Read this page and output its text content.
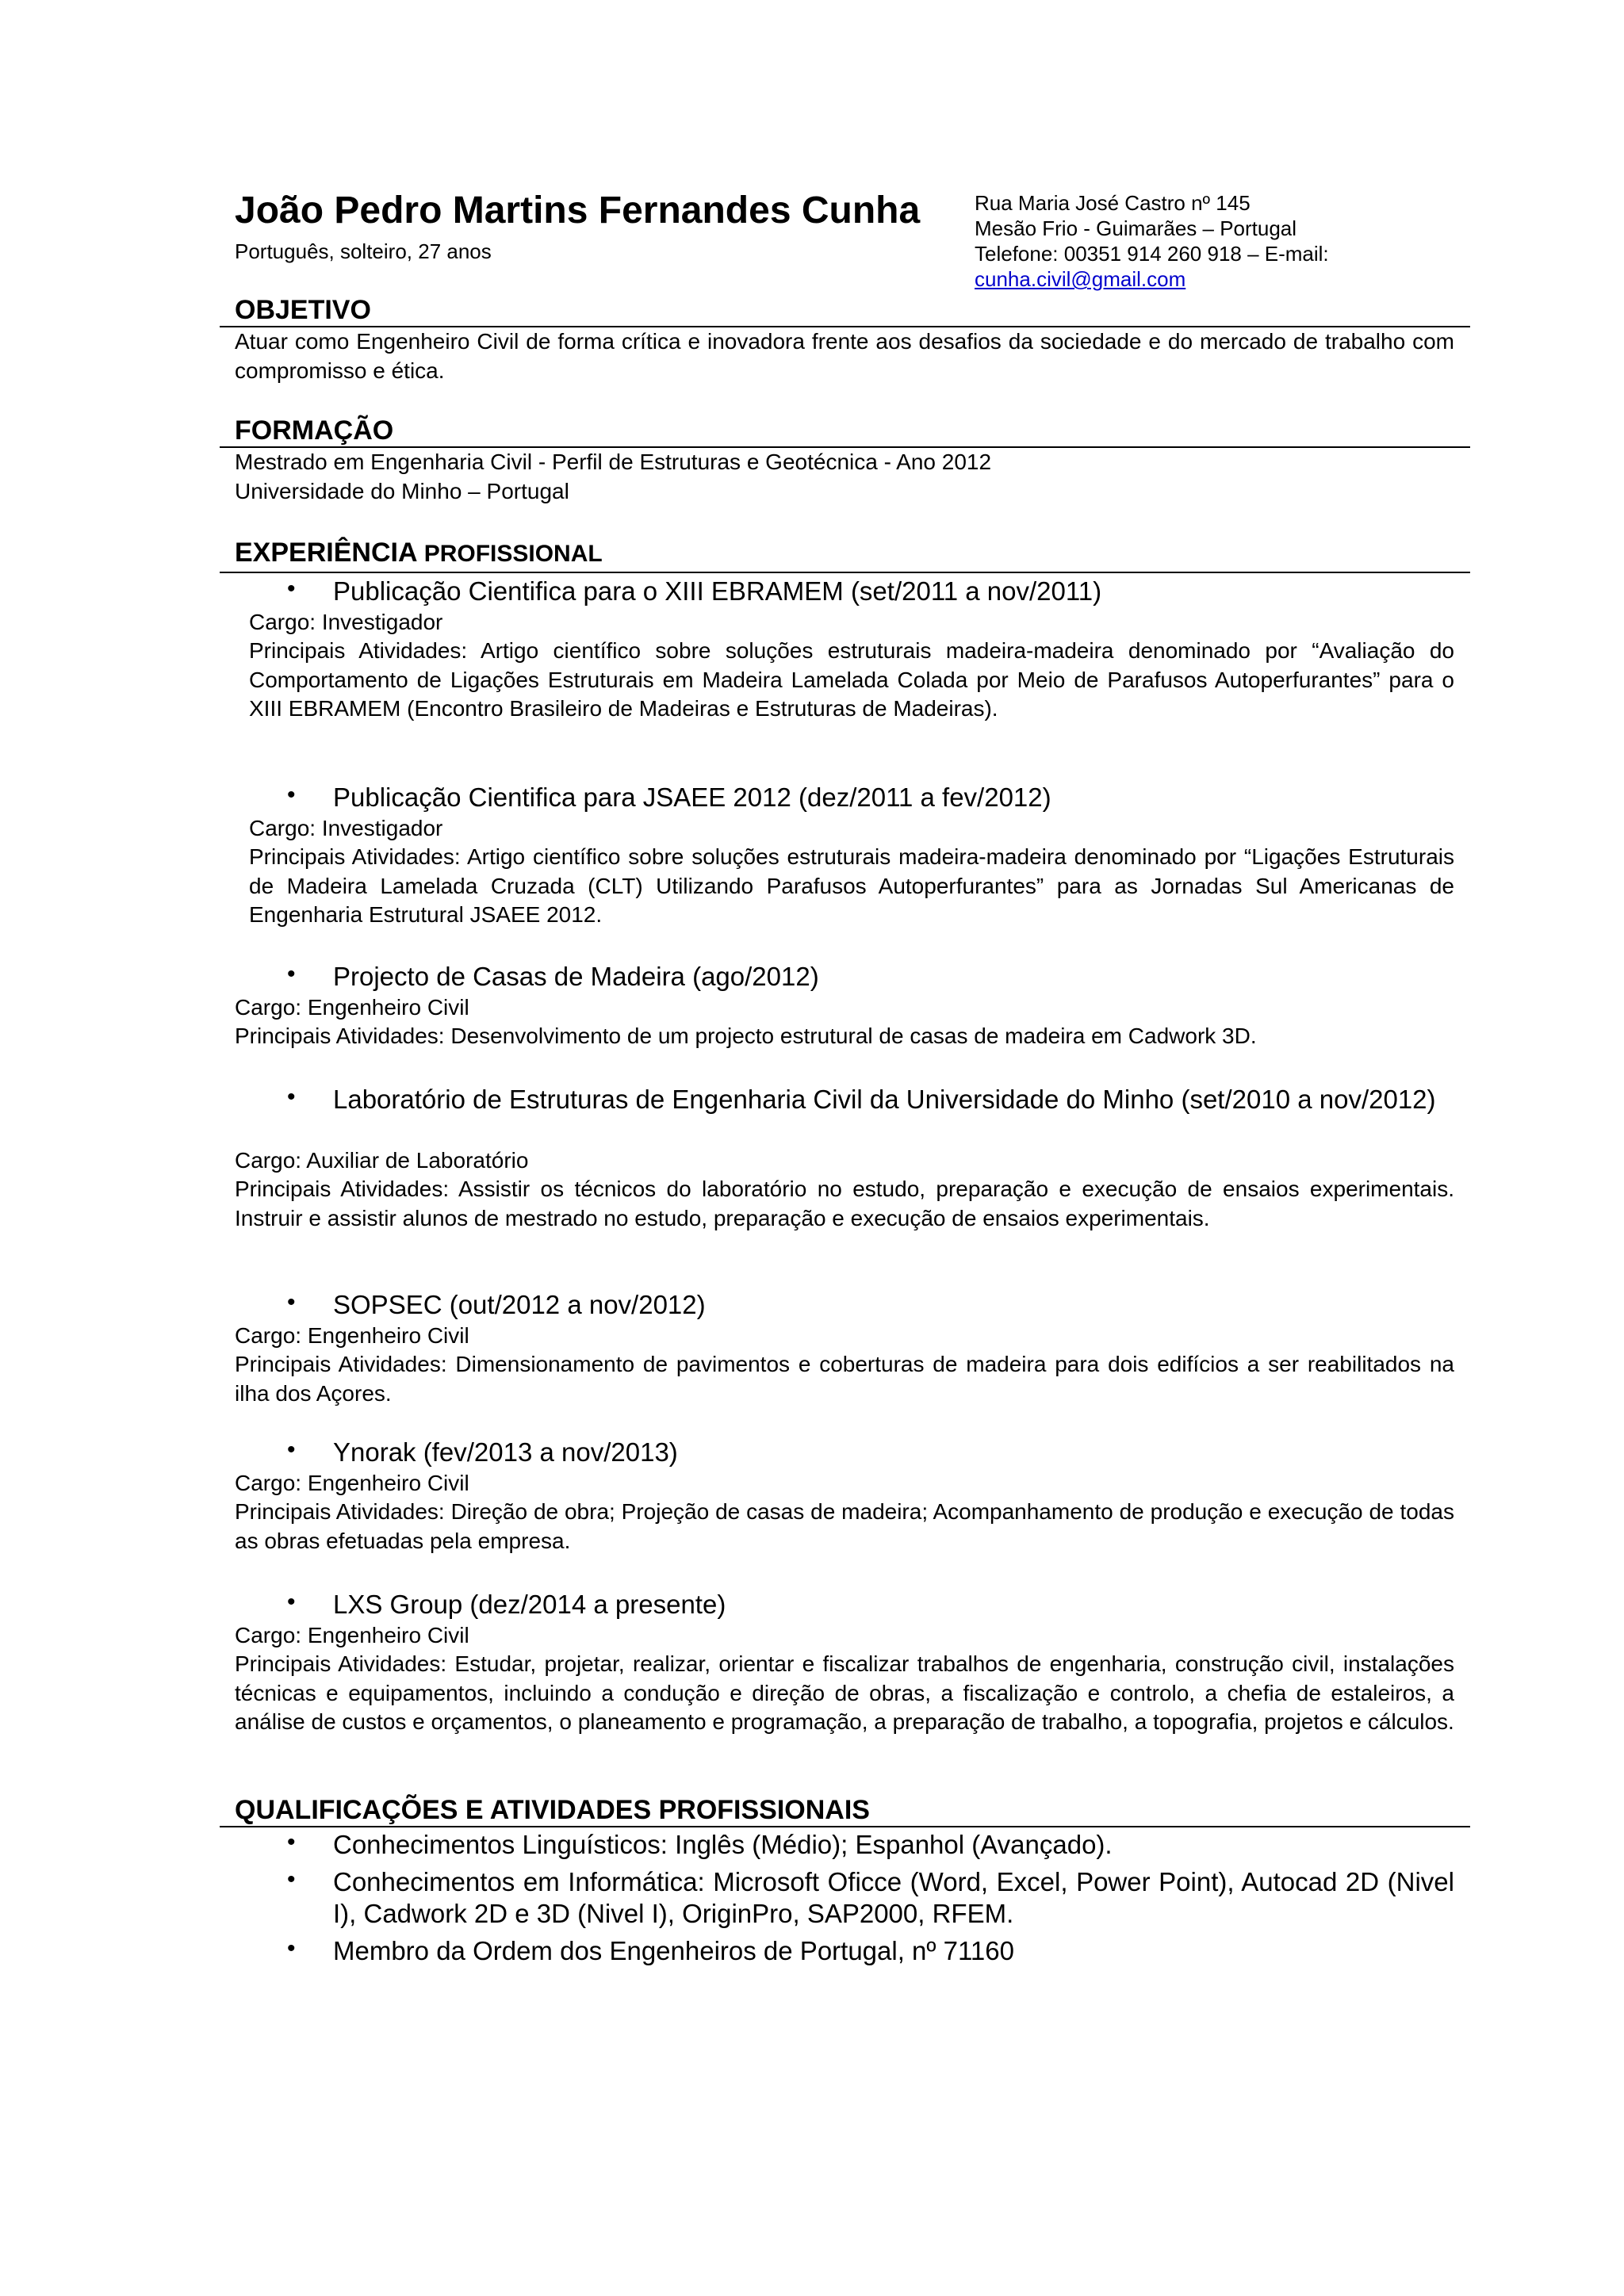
João Pedro Martins Fernandes Cunha
Português, solteiro, 27 anos
Rua Maria José Castro nº 145
Mesão Frio - Guimarães – Portugal
Telefone: 00351 914 260 918 – E-mail:
cunha.civil@gmail.com
OBJETIVO
Atuar como Engenheiro Civil de forma crítica e inovadora frente aos desafios da sociedade e do mercado de trabalho com compromisso e ética.
FORMAÇÃO
Mestrado em Engenharia Civil - Perfil de Estruturas e Geotécnica - Ano 2012
Universidade do Minho – Portugal
EXPERIÊNCIA PROFISSIONAL
• Publicação Cientifica para o XIII EBRAMEM (set/2011 a nov/2011)
Cargo: Investigador
Principais Atividades: Artigo científico sobre soluções estruturais madeira-madeira denominado por “Avaliação do Comportamento de Ligações Estruturais em Madeira Lamelada Colada por Meio de Parafusos Autoperfurantes” para o XIII EBRAMEM (Encontro Brasileiro de Madeiras e Estruturas de Madeiras).
• Publicação Cientifica para JSAEE 2012 (dez/2011 a fev/2012)
Cargo: Investigador
Principais Atividades: Artigo científico sobre soluções estruturais madeira-madeira denominado por “Ligações Estruturais de Madeira Lamelada Cruzada (CLT) Utilizando Parafusos Autoperfurantes” para as Jornadas Sul Americanas de Engenharia Estrutural JSAEE 2012.
• Projecto de Casas de Madeira (ago/2012)
Cargo: Engenheiro Civil
Principais Atividades: Desenvolvimento de um projecto estrutural de casas de madeira em Cadwork 3D.
• Laboratório de Estruturas de Engenharia Civil da Universidade do Minho (set/2010 a nov/2012)
Cargo: Auxiliar de Laboratório
Principais Atividades: Assistir os técnicos do laboratório no estudo, preparação e execução de ensaios experimentais. Instruir e assistir alunos de mestrado no estudo, preparação e execução de ensaios experimentais.
• SOPSEC (out/2012 a nov/2012)
Cargo: Engenheiro Civil
Principais Atividades: Dimensionamento de pavimentos e coberturas de madeira para dois edifícios a ser reabilitados na ilha dos Açores.
• Ynorak (fev/2013 a nov/2013)
Cargo: Engenheiro Civil
Principais Atividades: Direção de obra; Projeção de casas de madeira; Acompanhamento de produção e execução de todas as obras efetuadas pela empresa.
• LXS Group (dez/2014 a presente)
Cargo: Engenheiro Civil
Principais Atividades: Estudar, projetar, realizar, orientar e fiscalizar trabalhos de engenharia, construção civil, instalações técnicas e equipamentos, incluindo a condução e direção de obras, a fiscalização e controlo, a chefia de estaleiros, a análise de custos e orçamentos, o planeamento e programação, a preparação de trabalho, a topografia, projetos e cálculos.
QUALIFICAÇÕES E ATIVIDADES PROFISSIONAIS
• Conhecimentos Linguísticos: Inglês (Médio); Espanhol (Avançado).
• Conhecimentos em Informática: Microsoft Oficce (Word, Excel, Power Point), Autocad 2D (Nivel I), Cadwork 2D e 3D (Nivel I), OriginPro, SAP2000, RFEM.
• Membro da Ordem dos Engenheiros de Portugal, nº 71160
